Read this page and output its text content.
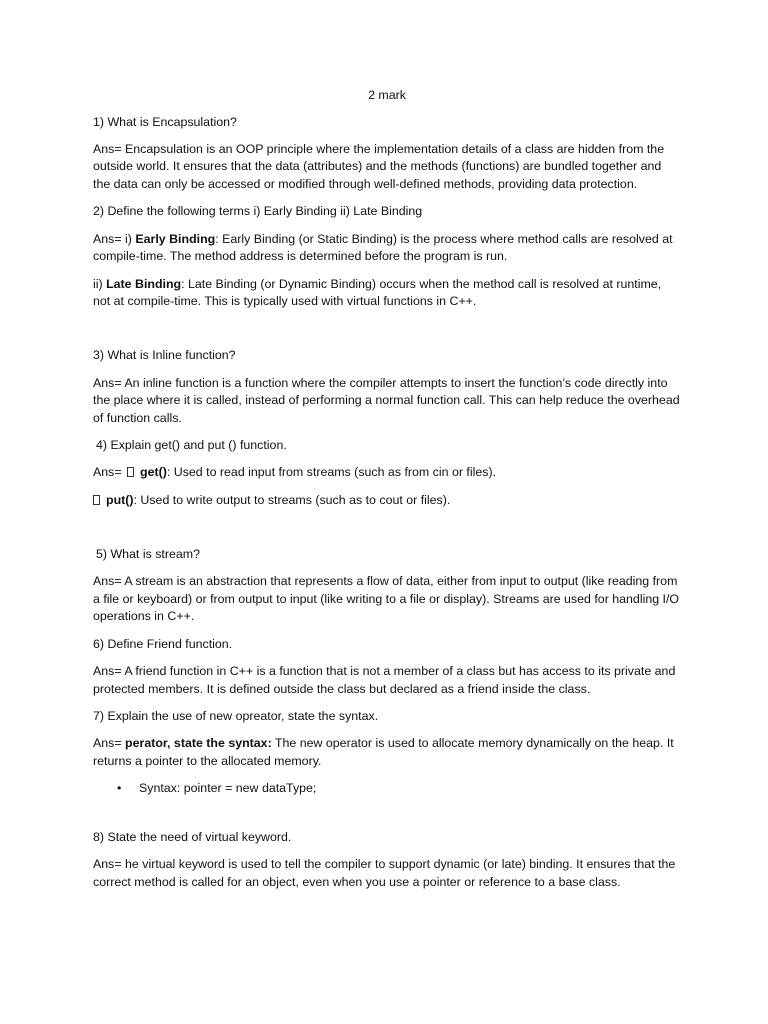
2 mark

1) What is Encapsulation?

Ans= Encapsulation is an OOP principle where the implementation details of a class are hidden from the outside world. It ensures that the data (attributes) and the methods (functions) are bundled together and the data can only be accessed or modified through well-defined methods, providing data protection.

2) Define the following terms i) Early Binding ii) Late Binding

Ans= i) Early Binding: Early Binding (or Static Binding) is the process where method calls are resolved at compile-time. The method address is determined before the program is run.

ii) Late Binding: Late Binding (or Dynamic Binding) occurs when the method call is resolved at runtime, not at compile-time. This is typically used with virtual functions in C++.

3) What is Inline function?

Ans= An inline function is a function where the compiler attempts to insert the function’s code directly into the place where it is called, instead of performing a normal function call. This can help reduce the overhead of function calls.

4) Explain get() and put () function.

Ans= get(): Used to read input from streams (such as from cin or files).

put(): Used to write output to streams (such as to cout or files).

5) What is stream?

Ans= A stream is an abstraction that represents a flow of data, either from input to output (like reading from a file or keyboard) or from output to input (like writing to a file or display). Streams are used for handling I/O operations in C++.

6) Define Friend function.

Ans= A friend function in C++ is a function that is not a member of a class but has access to its private and protected members. It is defined outside the class but declared as a friend inside the class.

7) Explain the use of new opreator, state the syntax.

Ans= perator, state the syntax: The new operator is used to allocate memory dynamically on the heap. It returns a pointer to the allocated memory.

• Syntax: pointer = new dataType;

8) State the need of virtual keyword.

Ans= he virtual keyword is used to tell the compiler to support dynamic (or late) binding. It ensures that the correct method is called for an object, even when you use a pointer or reference to a base class.
